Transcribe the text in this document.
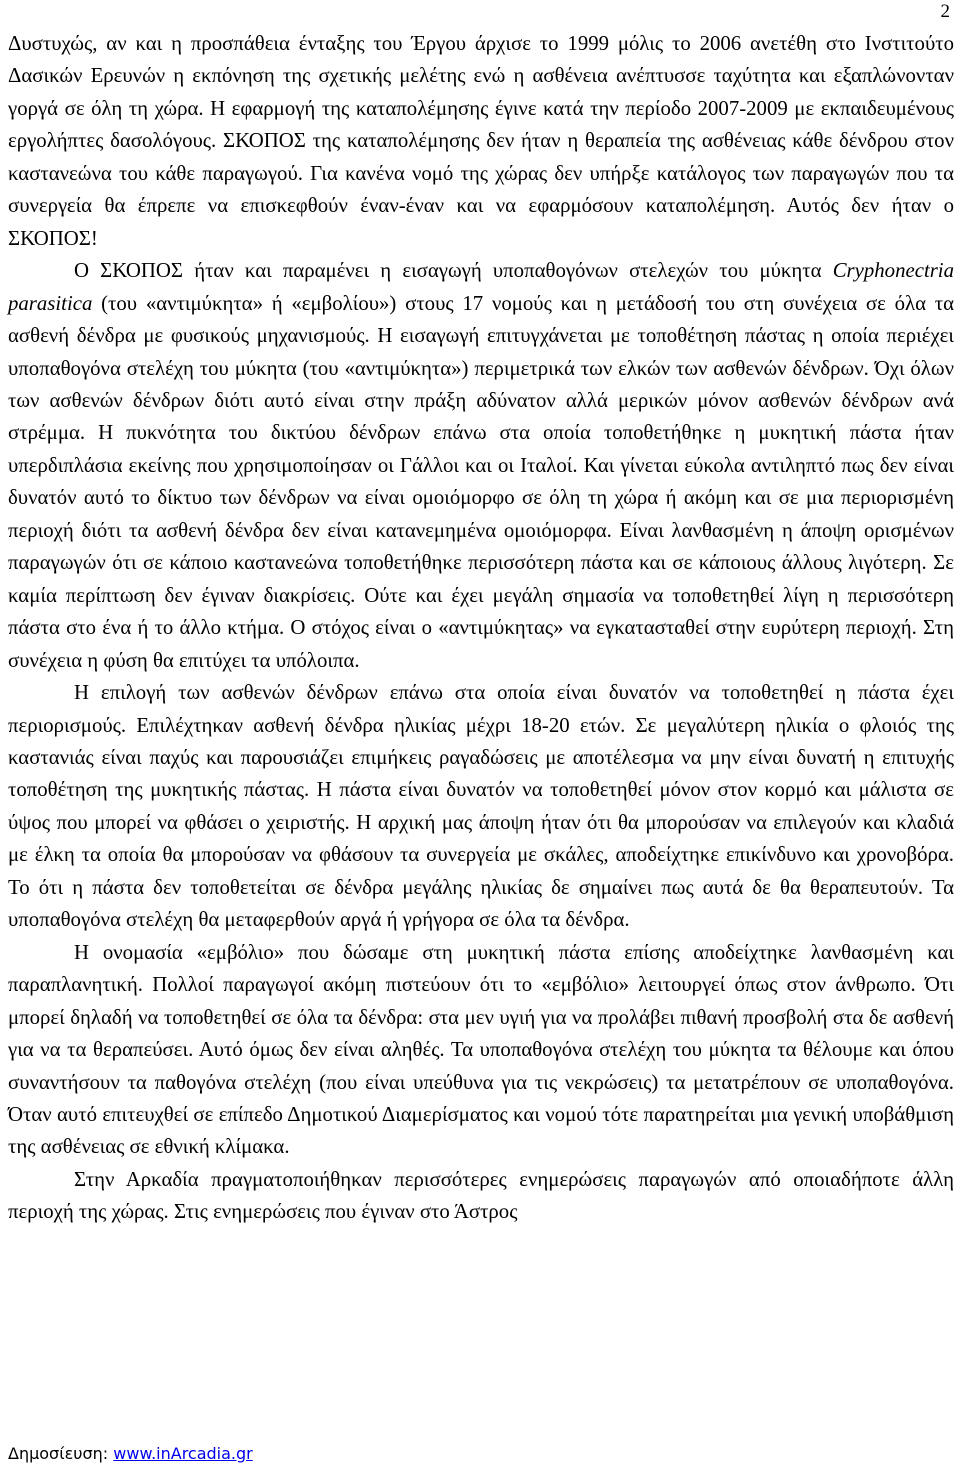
2

Δυστυχώς, αν και η προσπάθεια ένταξης του Έργου άρχισε το 1999 μόλις το 2006 ανετέθη στο Ινστιτούτο Δασικών Ερευνών η εκπόνηση της σχετικής μελέτης ενώ η ασθένεια ανέπτυσσε ταχύτητα και εξαπλώνονταν γοργά σε όλη τη χώρα. Η εφαρμογή της καταπολέμησης έγινε κατά την περίοδο 2007-2009 με εκπαιδευμένους εργολήπτες δασολόγους. ΣΚΟΠΟΣ της καταπολέμησης δεν ήταν η θεραπεία της ασθένειας κάθε δένδρου στον καστανεώνα του κάθε παραγωγού. Για κανένα νομό της χώρας δεν υπήρξε κατάλογος των παραγωγών που τα συνεργεία θα έπρεπε να επισκεφθούν έναν-έναν και να εφαρμόσουν καταπολέμηση. Αυτός δεν ήταν ο ΣΚΟΠΟΣ!

Ο ΣΚΟΠΟΣ ήταν και παραμένει η εισαγωγή υποπαθογόνων στελεχών του μύκητα Cryphonectria parasitica (του «αντιμύκητα» ή «εμβολίου») στους 17 νομούς και η μετάδοσή του στη συνέχεια σε όλα τα ασθενή δένδρα με φυσικούς μηχανισμούς. Η εισαγωγή επιτυγχάνεται με τοποθέτηση πάστας η οποία περιέχει υποπαθογόνα στελέχη του μύκητα (του «αντιμύκητα») περιμετρικά των ελκών των ασθενών δένδρων. Όχι όλων των ασθενών δένδρων διότι αυτό είναι στην πράξη αδύνατον αλλά μερικών μόνον ασθενών δένδρων ανά στρέμμα. Η πυκνότητα του δικτύου δένδρων επάνω στα οποία τοποθετήθηκε η μυκητική πάστα ήταν υπερδιπλάσια εκείνης που χρησιμοποίησαν οι Γάλλοι και οι Ιταλοί. Και γίνεται εύκολα αντιληπτό πως δεν είναι δυνατόν αυτό το δίκτυο των δένδρων να είναι ομοιόμορφο σε όλη τη χώρα ή ακόμη και σε μια περιορισμένη περιοχή διότι τα ασθενή δένδρα δεν είναι κατανεμημένα ομοιόμορφα. Είναι λανθασμένη η άποψη ορισμένων παραγωγών ότι σε κάποιο καστανεώνα τοποθετήθηκε περισσότερη πάστα και σε κάποιους άλλους λιγότερη. Σε καμία περίπτωση δεν έγιναν διακρίσεις. Ούτε και έχει μεγάλη σημασία να τοποθετηθεί λίγη η περισσότερη πάστα στο ένα ή το άλλο κτήμα. Ο στόχος είναι ο «αντιμύκητας» να εγκατασταθεί στην ευρύτερη περιοχή. Στη συνέχεια η φύση θα επιτύχει τα υπόλοιπα.

Η επιλογή των ασθενών δένδρων επάνω στα οποία είναι δυνατόν να τοποθετηθεί η πάστα έχει περιορισμούς. Επιλέχτηκαν ασθενή δένδρα ηλικίας μέχρι 18-20 ετών. Σε μεγαλύτερη ηλικία ο φλοιός της καστανιάς είναι παχύς και παρουσιάζει επιμήκεις ραγαδώσεις με αποτέλεσμα να μην είναι δυνατή η επιτυχής τοποθέτηση της μυκητικής πάστας. Η πάστα είναι δυνατόν να τοποθετηθεί μόνον στον κορμό και μάλιστα σε ύψος που μπορεί να φθάσει ο χειριστής. Η αρχική μας άποψη ήταν ότι θα μπορούσαν να επιλεγούν και κλαδιά με έλκη τα οποία θα μπορούσαν να φθάσουν τα συνεργεία με σκάλες, αποδείχτηκε επικίνδυνο και χρονοβόρα. Το ότι η πάστα δεν τοποθετείται σε δένδρα μεγάλης ηλικίας δε σημαίνει πως αυτά δε θα θεραπευτούν. Τα υποπαθογόνα στελέχη θα μεταφερθούν αργά ή γρήγορα σε όλα τα δένδρα.

Η ονομασία «εμβόλιο» που δώσαμε στη μυκητική πάστα επίσης αποδείχτηκε λανθασμένη και παραπλανητική. Πολλοί παραγωγοί ακόμη πιστεύουν ότι το «εμβόλιο» λειτουργεί όπως στον άνθρωπο. Ότι μπορεί δηλαδή να τοποθετηθεί σε όλα τα δένδρα: στα μεν υγιή για να προλάβει πιθανή προσβολή στα δε ασθενή για να τα θεραπεύσει. Αυτό όμως δεν είναι αληθές. Τα υποπαθογόνα στελέχη του μύκητα τα θέλουμε και όπου συναντήσουν τα παθογόνα στελέχη (που είναι υπεύθυνα για τις νεκρώσεις) τα μετατρέπουν σε υποπαθογόνα. Όταν αυτό επιτευχθεί σε επίπεδο Δημοτικού Διαμερίσματος και νομού τότε παρατηρείται μια γενική υποβάθμιση της ασθένειας σε εθνική κλίμακα.

Στην Αρκαδία πραγματοποιήθηκαν περισσότερες ενημερώσεις παραγωγών από οποιαδήποτε άλλη περιοχή της χώρας. Στις ενημερώσεις που έγιναν στο Άστρος

Δημοσίευση: www.inArcadia.gr
